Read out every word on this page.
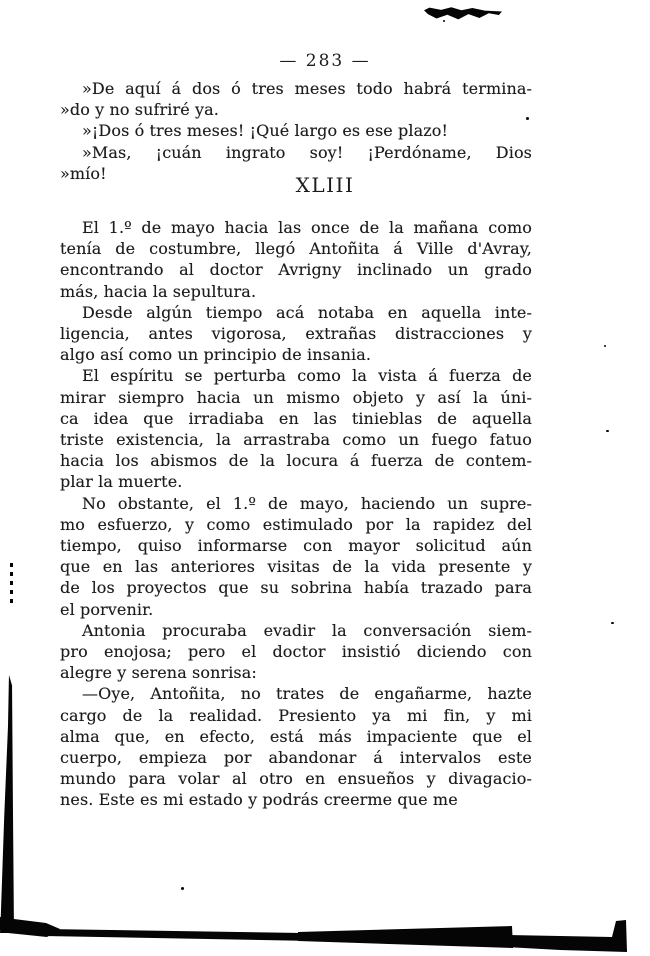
— 283 —
»De aquí á dos ó tres meses todo habrá termina-
»do y no sufriré ya.
»¡Dos ó tres meses! ¡Qué largo es ese plazo!
»Mas, ¡cuán ingrato soy! ¡Perdóname, Dios
»mío!	XLIII
El 1.º de mayo hacia las once de la mañana como
tenía de costumbre, llegó Antoñita á Ville d'Avray,
encontrando al doctor Avrigny inclinado un grado
más, hacia la sepultura.
Desde algún tiempo acá notaba en aquella inte-
ligencia, antes vigorosa, extrañas distracciones y
algo así como un principio de insania.
El espíritu se perturba como la vista á fuerza de
mirar siempro hacia un mismo objeto y así la úni-
ca idea que irradiaba en las tinieblas de aquella
triste existencia, la arrastraba como un fuego fatuo
hacia los abismos de la locura á fuerza de contem-
plar la muerte.
No obstante, el 1.º de mayo, haciendo un supre-
mo esfuerzo, y como estimulado por la rapidez del
tiempo, quiso informarse con mayor solicitud aún
que en las anteriores visitas de la vida presente y
de los proyectos que su sobrina había trazado para
el porvenir.
Antonia procuraba evadir la conversación siem-
pro enojosa; pero el doctor insistió diciendo con
alegre y serena sonrisa:
—Oye, Antoñita, no trates de engañarme, hazte
cargo de la realidad. Presiento ya mi fin, y mi
alma que, en efecto, está más impaciente que el
cuerpo, empieza por abandonar á intervalos este
mundo para volar al otro en ensueños y divagacio-
nes. Este es mi estado y podrás creerme que me
